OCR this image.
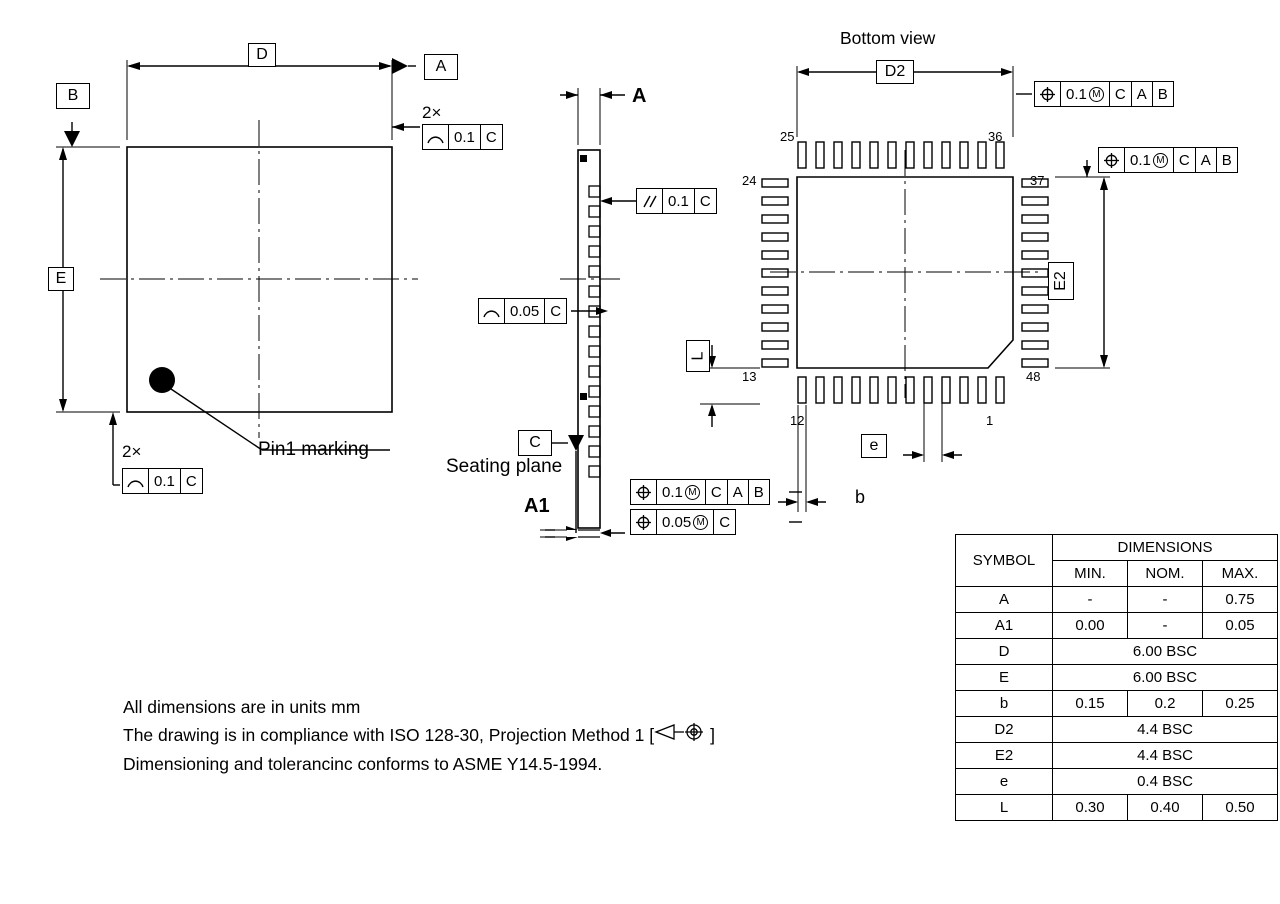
D
E
A
B
2×
0.1 C
2×
0.1 C
Pin1 marking
A
A1
Seating plane
C
0.1 C
0.05 C
Bottom view
D2
E2
e
b
L
25	36
24	37
13	48
12	1
0.1 M C A B
0.1 M C A B
0.1 M C A B
0.05 M C
All dimensions are in units mm
The drawing is in compliance with ISO 128-30, Projection Method 1 [	]
Dimensioning and tolerancinc conforms to ASME Y14.5-1994.
SYMBOL	DIMENSIONS		
	MIN.	NOM.	MAX.
A	-	-	0.75
A1	0.00	-	0.05
D	6.00 BSC		
E	6.00 BSC		
b	0.15	0.2	0.25
D2	4.4 BSC		
E2	4.4 BSC		
e	0.4 BSC		
L	0.30	0.40	0.50
